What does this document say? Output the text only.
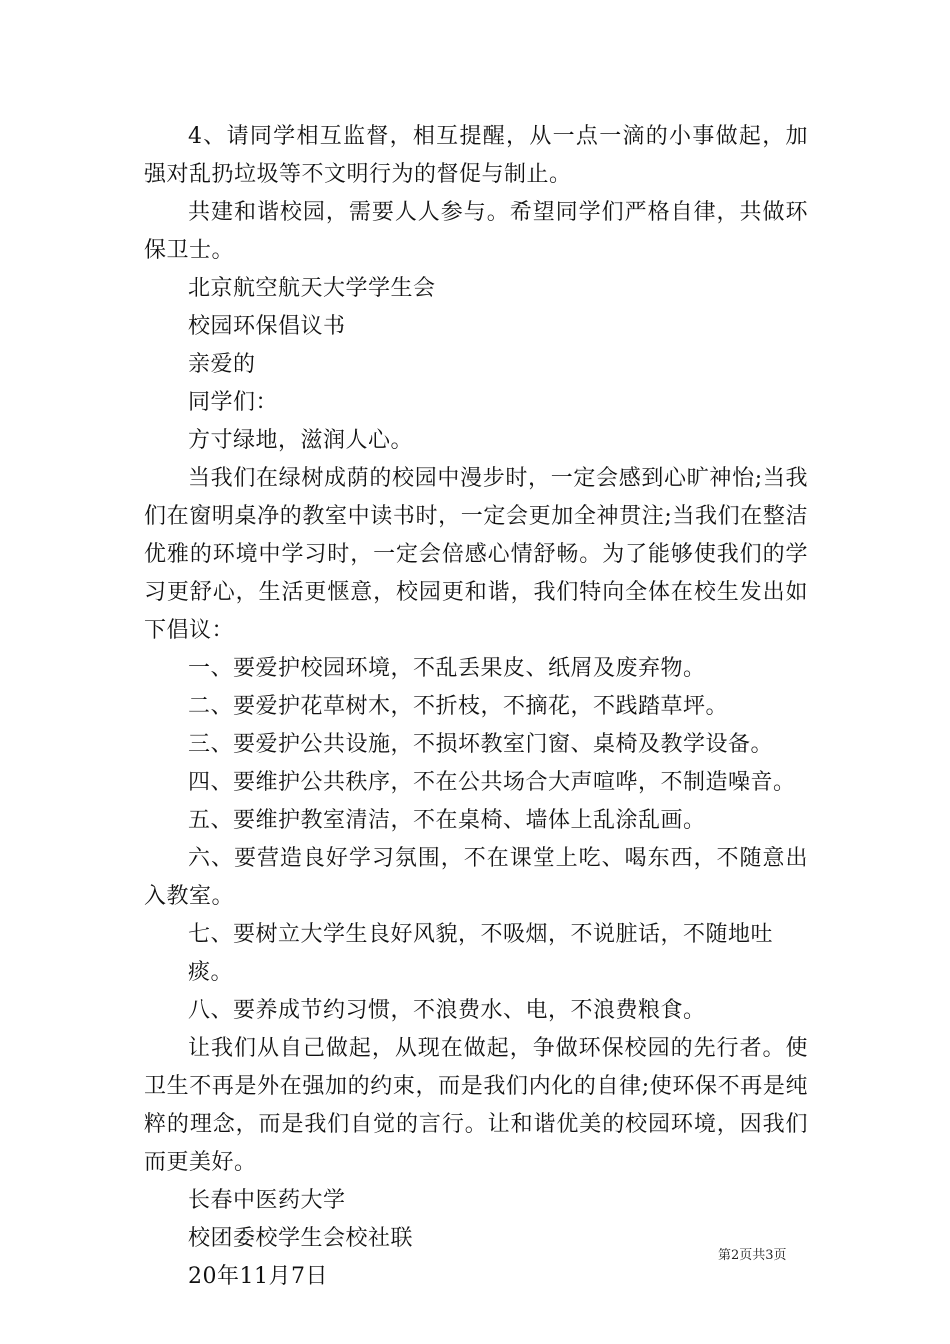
4、请同学相互监督，相互提醒，从一点一滴的小事做起，加强对乱扔垃圾等不文明行为的督促与制止。

共建和谐校园，需要人人参与。希望同学们严格自律，共做环保卫士。

北京航空航天大学学生会

校园环保倡议书

亲爱的

同学们：

方寸绿地，滋润人心。

当我们在绿树成荫的校园中漫步时，一定会感到心旷神怡;当我们在窗明桌净的教室中读书时，一定会更加全神贯注;当我们在整洁优雅的环境中学习时，一定会倍感心情舒畅。为了能够使我们的学习更舒心，生活更惬意，校园更和谐，我们特向全体在校生发出如下倡议：

一、要爱护校园环境，不乱丢果皮、纸屑及废弃物。

二、要爱护花草树木，不折枝，不摘花，不践踏草坪。

三、要爱护公共设施，不损坏教室门窗、桌椅及教学设备。

四、要维护公共秩序，不在公共场合大声喧哗，不制造噪音。

五、要维护教室清洁，不在桌椅、墙体上乱涂乱画。

六、要营造良好学习氛围，不在课堂上吃、喝东西，不随意出入教室。

七、要树立大学生良好风貌，不吸烟，不说脏话，不随地吐痰。

八、要养成节约习惯，不浪费水、电，不浪费粮食。

让我们从自己做起，从现在做起，争做环保校园的先行者。使卫生不再是外在强加的约束，而是我们内化的自律;使环保不再是纯粹的理念，而是我们自觉的言行。让和谐优美的校园环境，因我们而更美好。

长春中医药大学

校团委校学生会校社联

20年11月7日

第2页共3页
